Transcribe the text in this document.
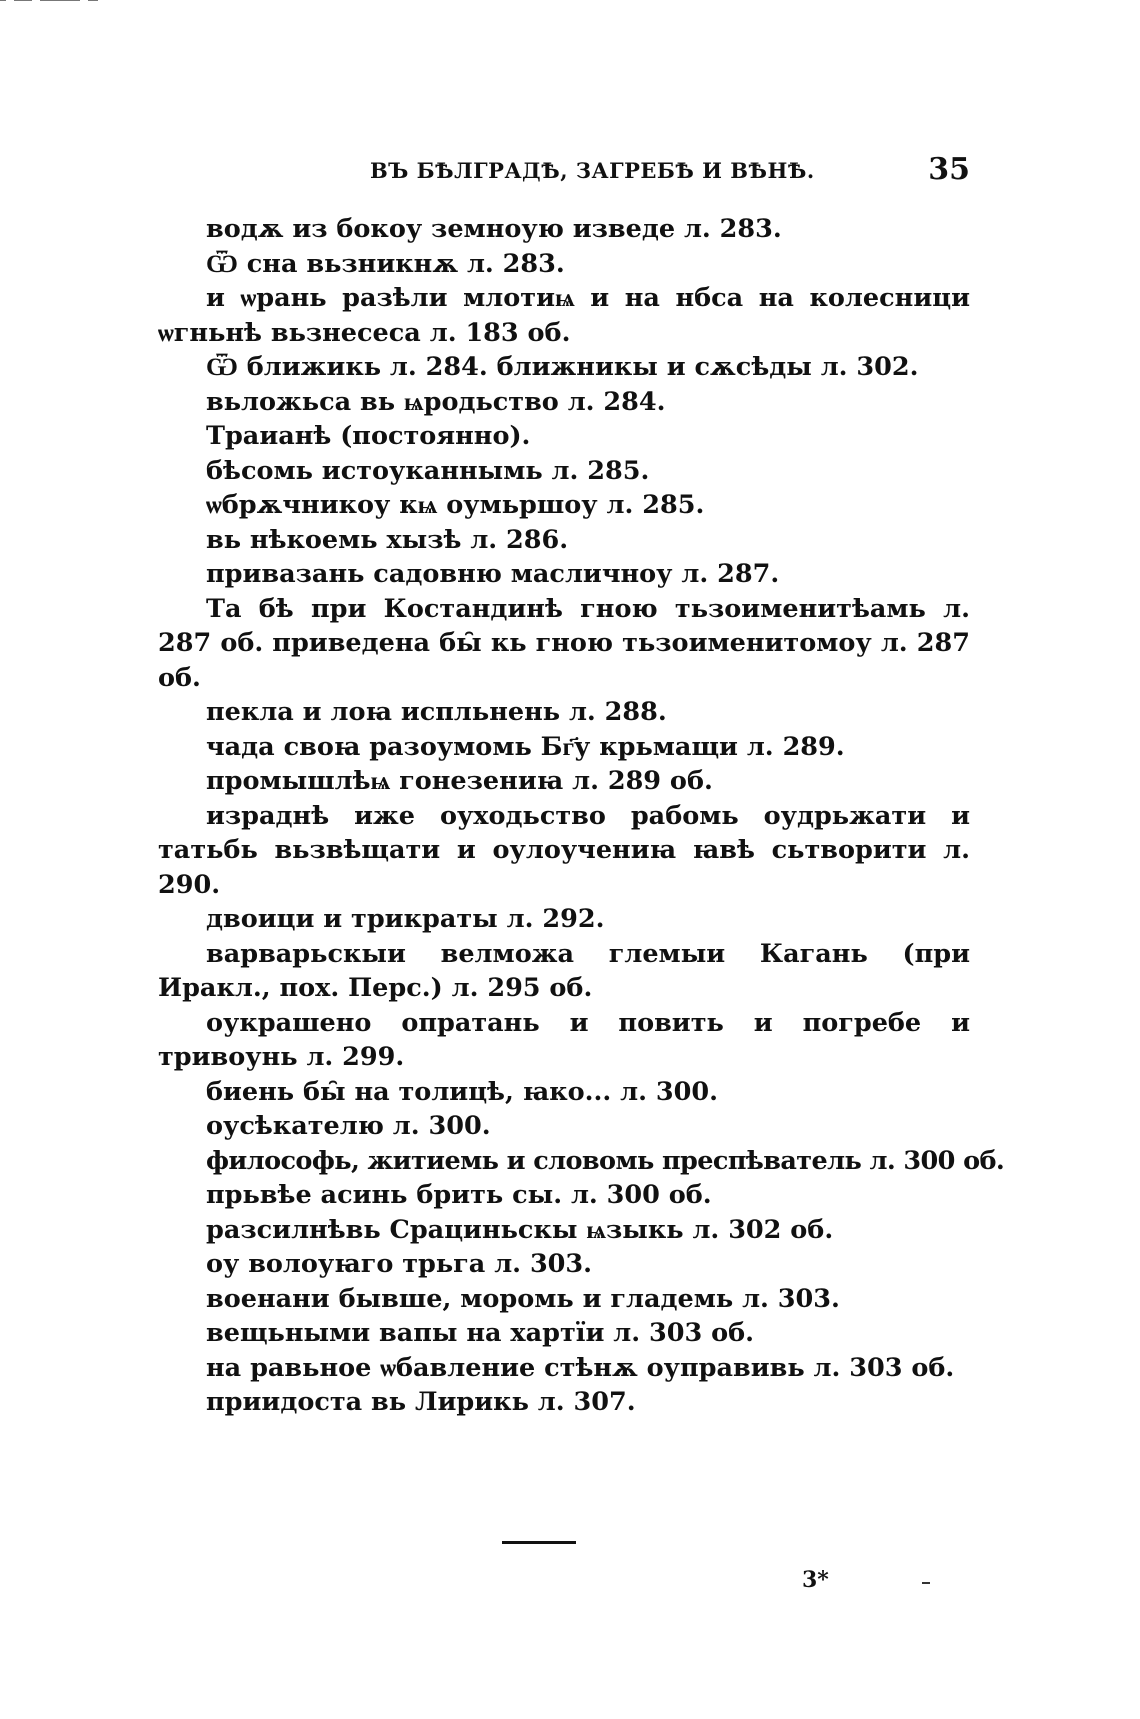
ВЪ БѢЛГРАДѢ, ЗАГРЕБѢ И ВѢНѢ.	35

водѫ из бокоу земноую изведе л. 283.

Ѿ сна вьзникнѫ л. 283.

и ѡрань разѣли млотиѩ и на нбса на колесници ѡгньнѣ вьзнесеса л. 183 об.

Ѿ ближикь л. 284. ближникы и сѫсѣды л. 302.

вьложьса вь ѩродьство л. 284.

Траианѣ (постоянно).

бѣсомь истоуканнымь л. 285.

ѡбрѫчникоу кѩ оумьршоу л. 285.

вь нѣкоемь хызѣ л. 286.

привазань садовню масличноу л. 287.

Та бѣ при Костандинѣ гною тьзоименитѣамь л. 287 об. приведена бы̑ кь гною тьзоименитомоу л. 287 об.

пекла и лоꙗ испльнень л. 288.

чада своꙗ разоумомь Бг҃у крьмащи л. 289.

промышлѣѩ гонезениꙗ л. 289 об.

израднѣ иже оуходьство рабомь оудрьжати и татьбь вьзвѣщати и оулоучениꙗ ꙗвѣ сьтворити л. 290.

двоици и трикраты л. 292.

варварьскыи велможа глемыи Кагань (при Иракл., пох. Перс.) л. 295 об.

оукрашено опратань и повить и погребе и тривоунь л. 299.

биень бы̑ на толицѣ, ꙗко... л. 300.

оусѣкателю л. 300.

философь, житиемь и словомь преспѣватель л. 300 об.

прьвѣе асинь брить сы. л. 300 об.

разсилнѣвь Срациньскы ѩзыкь л. 302 об.

оу волоуꙗго трьга л. 303.

военани бывше, моромь и гладемь л. 303.

вещьными вапы на хартїи л. 303 об.

на равьное ѡбавление стѣнѫ оуправивь л. 303 об.

приидоста вь Лирикь л. 307.

3*
